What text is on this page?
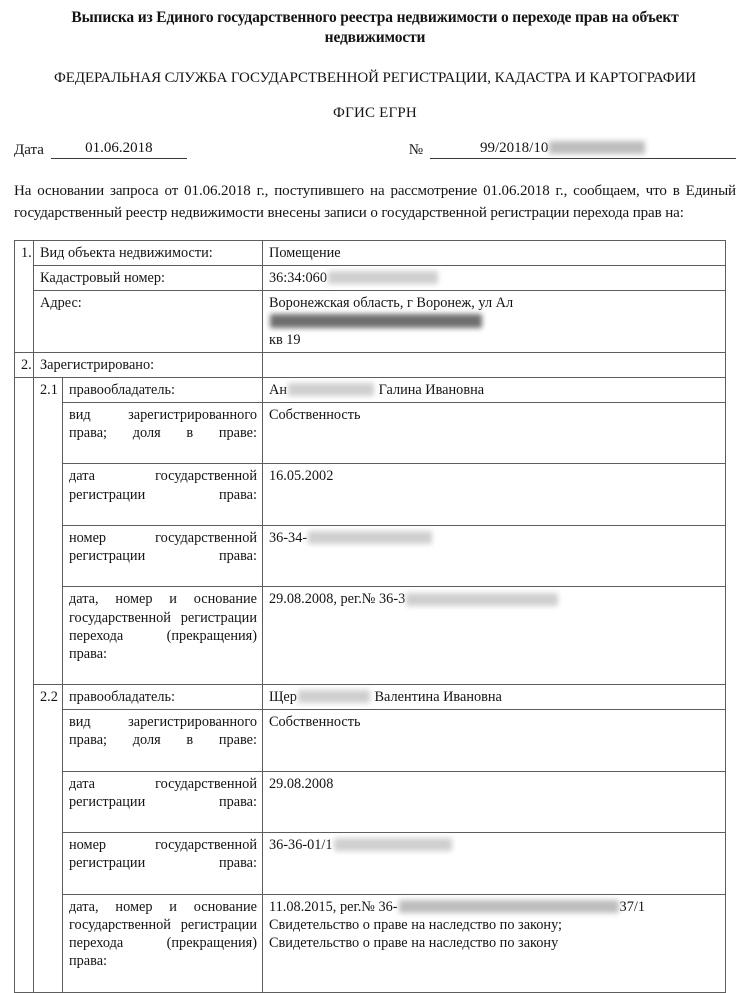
Выписка из Единого государственного реестра недвижимости о переходе прав на объект недвижимости
ФЕДЕРАЛЬНАЯ СЛУЖБА ГОСУДАРСТВЕННОЙ РЕГИСТРАЦИИ, КАДАСТРА И КАРТОГРАФИИ
ФГИС ЕГРН
Дата	01.06.2018	№	99/2018/10
На основании запроса от 01.06.2018 г., поступившего на рассмотрение 01.06.2018 г., сообщаем, что в Единый государственный реестр недвижимости внесены записи о государственной регистрации перехода прав на:
1.	Вид объекта недвижимости:		Помещение
	Кадастровый номер:		36:34:060
	Адрес:		Воронежская область, г Воронеж, ул Ал
кв 19
2.	Зарегистрировано:		
	2.1	правообладатель:	Ан Галина Ивановна
		вид зарегистрированного права; доля в праве:	Собственность
		дата государственной регистрации права:	16.05.2002
		номер государственной регистрации права:	36-34-
		дата, номер и основание государственной регистрации перехода (прекращения) права:	29.08.2008, рег.№ 36-3
	2.2	правообладатель:	Щер Валентина Ивановна
		вид зарегистрированного права; доля в праве:	Собственность
		дата государственной регистрации права:	29.08.2008
		номер государственной регистрации права:	36-36-01/1
		дата, номер и основание государственной регистрации перехода (прекращения) права:	11.08.2015, рег.№ 36- 37/1
Свидетельство о праве на наследство по закону;
Свидетельство о праве на наследство по закону
